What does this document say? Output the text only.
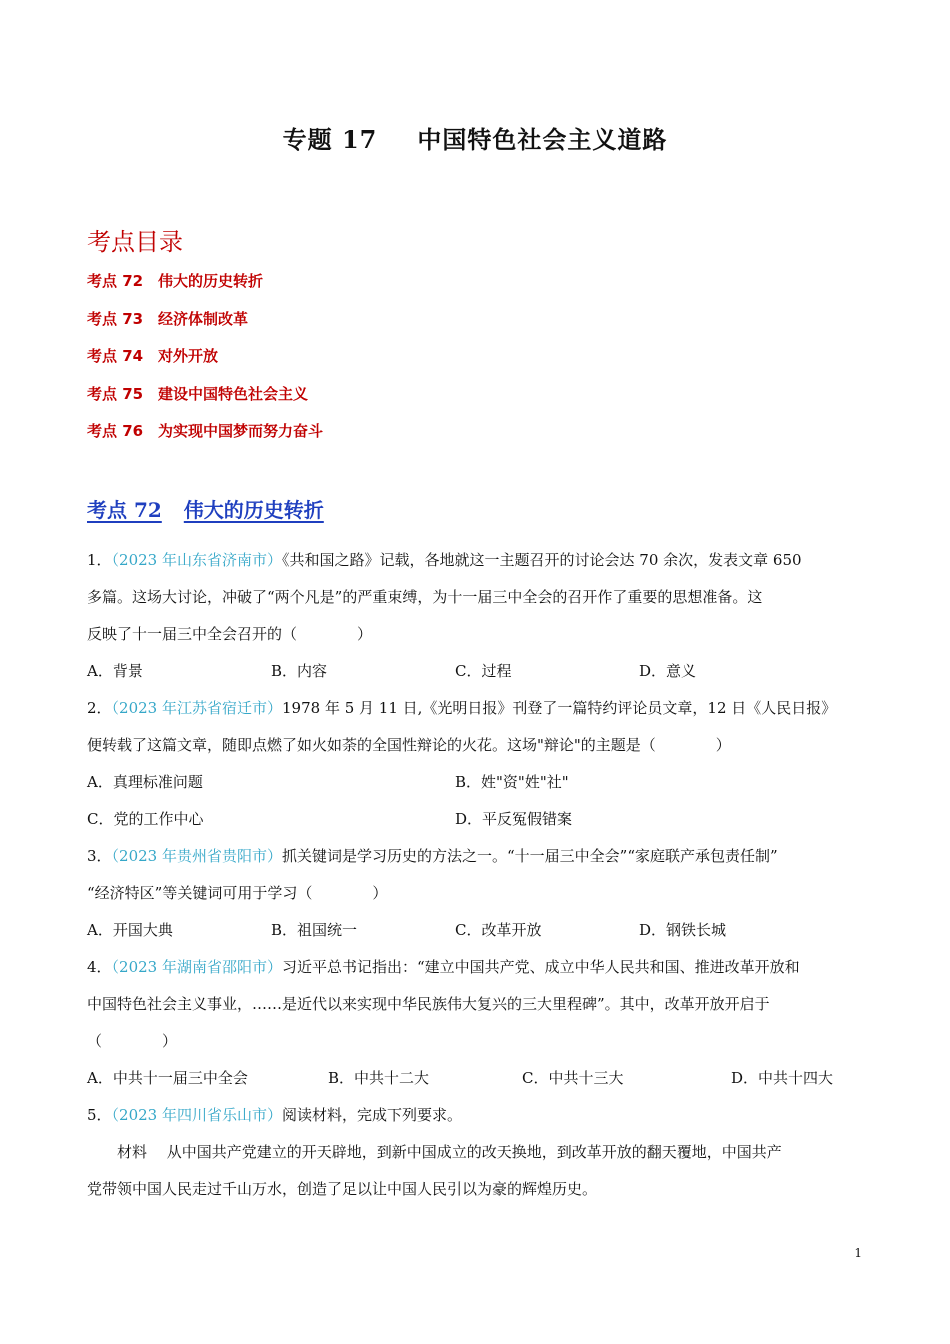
专题 17 中国特色社会主义道路
考点目录
考点 72 伟大的历史转折
考点 73 经济体制改革
考点 74 对外开放
考点 75 建设中国特色社会主义
考点 76 为实现中国梦而努力奋斗
考点 72 伟大的历史转折

1．（2023 年山东省济南市）《共和国之路》记载，各地就这一主题召开的讨论会达 70 余次，发表文章 650
多篇。这场大讨论，冲破了“两个凡是”的严重束缚，为十一届三中全会的召开作了重要的思想准备。这
反映了十一届三中全会召开的（　　　　）

A．背景	B．内容	C．过程	D．意义

2．（2023 年江苏省宿迁市）1978 年 5 月 11 日,《光明日报》刊登了一篇特约评论员文章，12 日《人民日报》
便转载了这篇文章，随即点燃了如火如荼的全国性辩论的火花。这场"辩论"的主题是（　　　　）

A．真理标准问题	B．姓"资"姓"社"
C．党的工作中心	D．平反冤假错案

3．（2023 年贵州省贵阳市）抓关键词是学习历史的方法之一。“十一届三中全会”“家庭联产承包责任制”
“经济特区”等关键词可用于学习（　　　　）

A．开国大典	B．祖国统一	C．改革开放	D．钢铁长城

4．（2023 年湖南省邵阳市）习近平总书记指出：“建立中国共产党、成立中华人民共和国、推进改革开放和
中国特色社会主义事业，……是近代以来实现中华民族伟大复兴的三大里程碑”。其中，改革开放开启于
（　　　　）

A．中共十一届三中全会	B．中共十二大	C．中共十三大	D．中共十四大

5．（2023 年四川省乐山市）阅读材料，完成下列要求。

材料　 从中国共产党建立的开天辟地，到新中国成立的改天换地，到改革开放的翻天覆地，中国共产
党带领中国人民走过千山万水，创造了足以让中国人民引以为豪的辉煌历史。

1
